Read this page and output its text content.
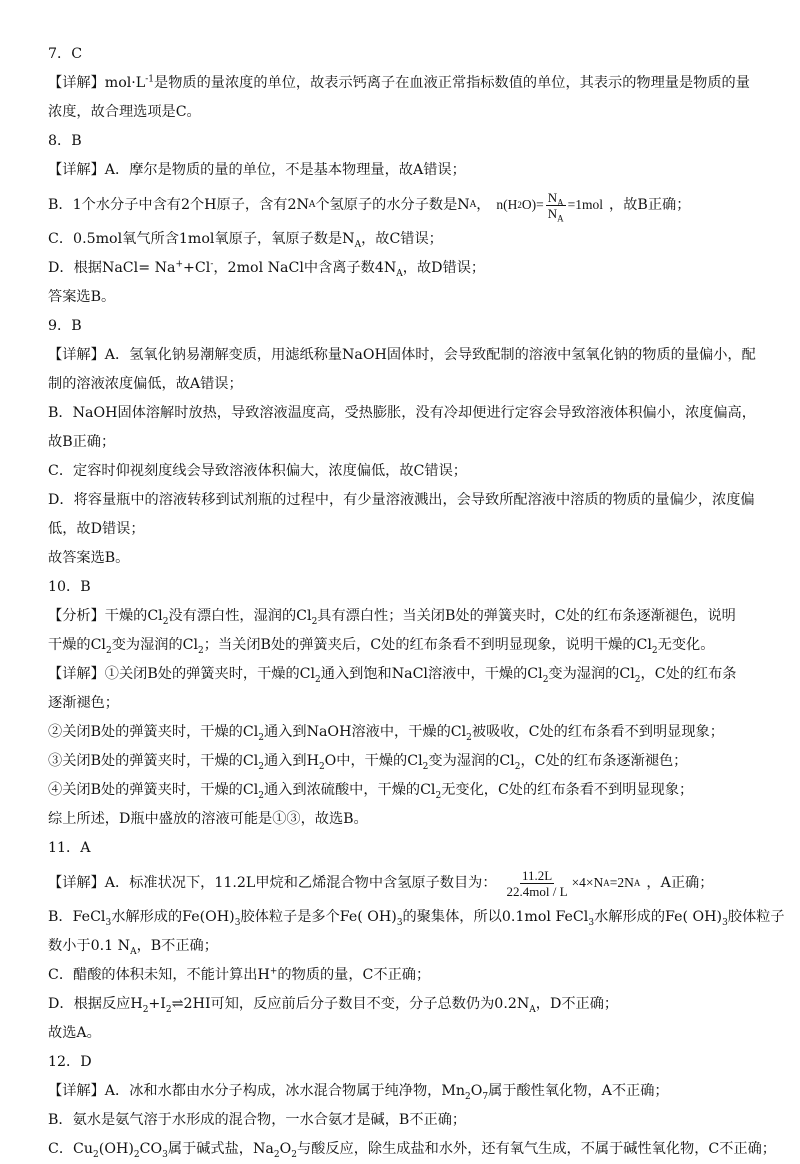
7．C
【详解】$mol\cdot L^{-1}$是物质的量浓度的单位，故表示钙离子在血液正常指标数值的单位，其表示的物理量是物质的量
浓度，故合理选项是C。
8．B
【详解】A．摩尔是物质的量的单位，不是基本物理量，故A错误；
B．1个水分子中含有2个H原子，含有2N A 个氢原子的水分子数是N A ， n(H 2 $O)= \frac{N_A}{N_A} =1mol$ ，故B正确；
C．0.5mol氧气所含1mol氧原子，氧原子数是$N_A$，故C错误；
D．根据NaCl= Na++Cl-，2mol NaCl中含离子数$4N_A$，故D错误；
答案选B。
9．B
【详解】A．氢氧化钠易潮解变质，用滤纸称量NaOH固体时，会导致配制的溶液中氢氧化钠的物质的量偏小，配
制的溶液浓度偏低，故A错误；
B．NaOH固体溶解时放热，导致溶液温度高，受热膨胀，没有冷却便进行定容会导致溶液体积偏小，浓度偏高，
故B正确；
C．定容时仰视刻度线会导致溶液体积偏大，浓度偏低，故C错误；
D．将容量瓶中的溶液转移到试剂瓶的过程中，有少量溶液溅出，会导致所配溶液中溶质的物质的量偏少，浓度偏
低，故D错误；
故答案选B。
10．B
【分析】干燥的$Cl_2$没有漂白性，湿润的$Cl_2$具有漂白性；当关闭B处的弹簧夹时，C处的红布条逐渐褪色，说明
干燥的$Cl_2$变为湿润的$Cl_2$；当关闭B处的弹簧夹后，C处的红布条看不到明显现象，说明干燥的$Cl_2$无变化。
【详解】①关闭B处的弹簧夹时，干燥的$Cl_2$通入到饱和NaCl溶液中，干燥的$Cl_2$变为湿润的$Cl_2$，C处的红布条
逐渐褪色；
②关闭B处的弹簧夹时，干燥的$Cl_2$通入到NaOH溶液中，干燥的$Cl_2$被吸收，C处的红布条看不到明显现象；
③关闭B处的弹簧夹时，干燥的$Cl_2$通入到$H_2O$中，干燥的$Cl_2$变为湿润的$Cl_2$，C处的红布条逐渐褪色；
④关闭B处的弹簧夹时，干燥的$Cl_2$通入到浓硫酸中，干燥的$Cl_2$无变化，C处的红布条看不到明显现象；
综上所述，D瓶中盛放的溶液可能是①③，故选B。
11．A
【详解】 A．标准状况下，11.2L甲烷和乙烯混合物中含氢原子数目为： $\frac{11.2L}{\text{22.4mol / L}} \times 4\times N$ A =2N A ，A正确；
B．FeCl$_3$水解形成的$Fe(OH)_3$胶体粒子是多个Fe( $OH)_3$的聚集体，所以0.1mol FeCl$_3$水解形成的Fe( $OH)_3$胶体粒子
数小于0.1 $N_A$，B不正确；
C．醋酸的体积未知，不能计算出H+的物质的量，C不正确；
D．根据反应$H_2+I_2\rightleftharpoons 2HI$可知，反应前后分子数目不变，分子总数仍为$0.2N_A$，D不正确；
故选A。
12．D
【详解】A．冰和水都由水分子构成，冰水混合物属于纯净物，$Mn_2O_7$属于酸性氧化物，A不正确；
B．氨水是氨气溶于水形成的混合物，一水合氨才是碱，B不正确；
C．$Cu_2(OH)_2CO_3$属于碱式盐，$Na_2O_2$与酸反应，除生成盐和水外，还有氧气生成，不属于碱性氧化物，C不正确；
